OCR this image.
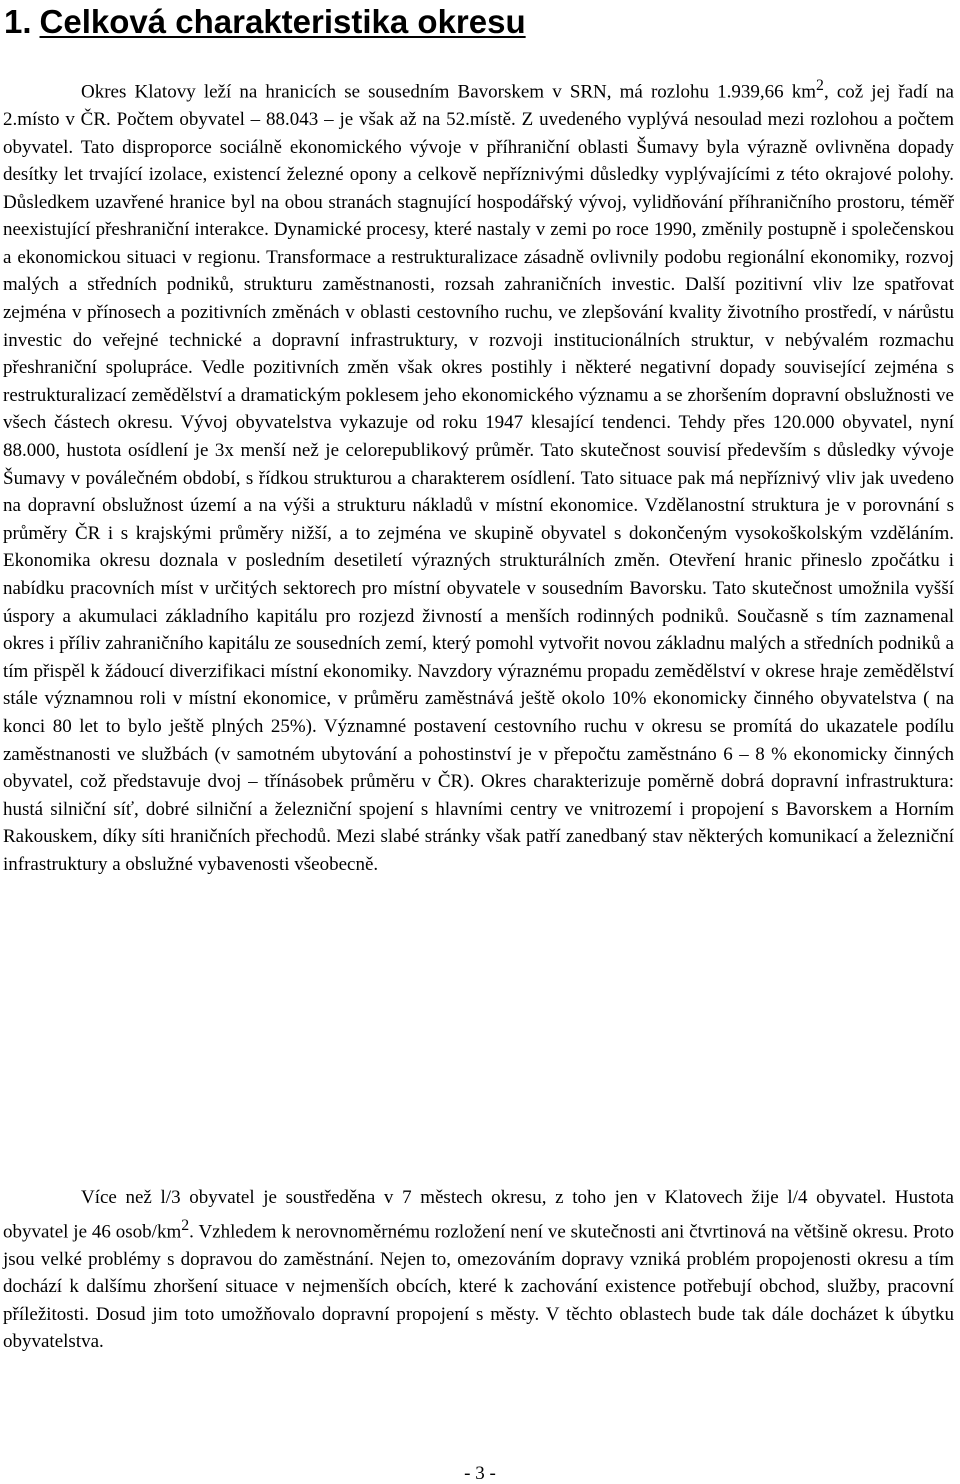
1. Celková charakteristika okresu

Okres Klatovy leží na hranicích se sousedním Bavorskem v SRN, má rozlohu 1.939,66 $km^2$, což jej řadí na 2.místo v ČR. Počtem obyvatel – 88.043 – je však až na 52.místě. Z uvedeného vyplývá nesoulad mezi rozlohou a počtem obyvatel. Tato disproporce sociálně ekonomického vývoje v příhraniční oblasti Šumavy byla výrazně ovlivněna dopady desítky let trvající izolace, existencí železné opony a celkově nepříznivými důsledky vyplývajícími z této okrajové polohy. Důsledkem uzavřené hranice byl na obou stranách stagnující hospodářský vývoj, vylidňování příhraničního prostoru, téměř neexistující přeshraniční interakce. Dynamické procesy, které nastaly v zemi po roce 1990, změnily postupně i společenskou a ekonomickou situaci v regionu. Transformace a restrukturalizace zásadně ovlivnily podobu regionální ekonomiky, rozvoj malých a středních podniků, strukturu zaměstnanosti, rozsah zahraničních investic. Další pozitivní vliv lze spatřovat zejména v přínosech a pozitivních změnách v oblasti cestovního ruchu, ve zlepšování kvality životního prostředí, v nárůstu investic do veřejné technické a dopravní infrastruktury, v rozvoji institucionálních struktur, v nebývalém rozmachu přeshraniční spolupráce. Vedle pozitivních změn však okres postihly i některé negativní dopady související zejména s restrukturalizací zemědělství a dramatickým poklesem jeho ekonomického významu a se zhoršením dopravní obslužnosti ve všech částech okresu. Vývoj obyvatelstva vykazuje od roku 1947 klesající tendenci. Tehdy přes 120.000 obyvatel, nyní 88.000, hustota osídlení je 3x menší než je celorepublikový průměr. Tato skutečnost souvisí především s důsledky vývoje Šumavy v poválečném období, s řídkou strukturou a charakterem osídlení. Tato situace pak má nepříznivý vliv jak uvedeno na dopravní obslužnost území a na výši a strukturu nákladů v místní ekonomice. Vzdělanostní struktura je v porovnání s průměry ČR i s krajskými průměry nižší, a to zejména ve skupině obyvatel s dokončeným vysokoškolským vzděláním. Ekonomika okresu doznala v posledním desetiletí výrazných strukturálních změn. Otevření hranic přineslo zpočátku i nabídku pracovních míst v určitých sektorech pro místní obyvatele v sousedním Bavorsku. Tato skutečnost umožnila vyšší úspory a akumulaci základního kapitálu pro rozjezd živností a menších rodinných podniků. Současně s tím zaznamenal okres i příliv zahraničního kapitálu ze sousedních zemí, který pomohl vytvořit novou základnu malých a středních podniků a tím přispěl k žádoucí diverzifikaci místní ekonomiky. Navzdory výraznému propadu zemědělství v okrese hraje zemědělství stále významnou roli v místní ekonomice, v průměru zaměstnává ještě okolo 10% ekonomicky činného obyvatelstva ( na konci 80 let to bylo ještě plných 25%). Významné postavení cestovního ruchu v okresu se promítá do ukazatele podílu zaměstnanosti ve službách (v samotném ubytování a pohostinství je v přepočtu zaměstnáno 6 – 8 % ekonomicky činných obyvatel, což představuje dvoj – třínásobek průměru v ČR). Okres charakterizuje poměrně dobrá dopravní infrastruktura: hustá silniční síť, dobré silniční a železniční spojení s hlavními centry ve vnitrozemí i propojení s Bavorskem a Horním Rakouskem, díky síti hraničních přechodů. Mezi slabé stránky však patří zanedbaný stav některých komunikací a železniční infrastruktury a obslužné vybavenosti všeobecně.

Více než l/3 obyvatel je soustředěna v 7 městech okresu, z toho jen v Klatovech žije l/4 obyvatel. Hustota obyvatel je 46 osob/$km^2$. Vzhledem k nerovnoměrnému rozložení není ve skutečnosti ani čtvrtinová na většině okresu. Proto jsou velké problémy s dopravou do zaměstnání. Nejen to, omezováním dopravy vzniká problém propojenosti okresu a tím dochází k dalšímu zhoršení situace v nejmenších obcích, které k zachování existence potřebují obchod, služby, pracovní příležitosti. Dosud jim toto umožňovalo dopravní propojení s městy. V těchto oblastech bude tak dále docházet k úbytku obyvatelstva.

- 3 -
